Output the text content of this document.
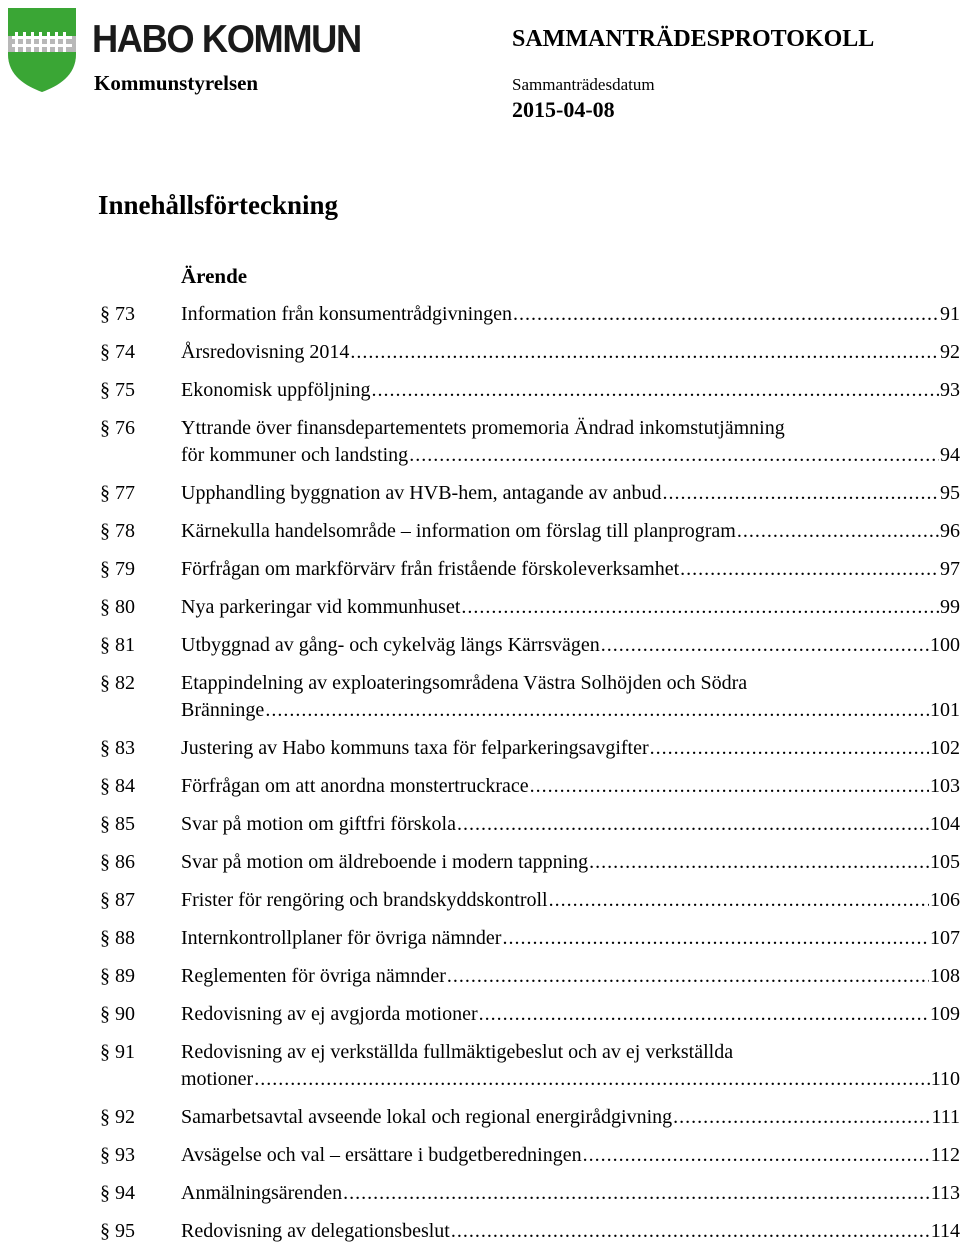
HABO KOMMUN
Kommunstyrelsen
SAMMANTRÄDESPROTOKOLL
Sammanträdesdatum
2015-04-08
Innehållsförteckning
Ärende
§ 73 Information från konsumentrådgivningen . . .	91
§ 74 Årsredovisning 2014 . . .	92
§ 75 Ekonomisk uppföljning . . .	93
§ 76 Yttrande över finansdepartementets promemoria Ändrad inkomstutjämning
för kommuner och landsting . . .	94
§ 77 Upphandling byggnation av HVB-hem, antagande av anbud . . .	95
§ 78 Kärnekulla handelsområde – information om förslag till planprogram . . .	96
§ 79 Förfrågan om markförvärv från fristående förskoleverksamhet . . .	97
§ 80 Nya parkeringar vid kommunhuset . . .	99
§ 81 Utbyggnad av gång- och cykelväg längs Kärrsvägen . . .	100
§ 82 Etappindelning av exploateringsområdena Västra Solhöjden och Södra
Bränninge . . .	101
§ 83 Justering av Habo kommuns taxa för felparkeringsavgifter . . .	102
§ 84 Förfrågan om att anordna monstertruckrace . . .	103
§ 85 Svar på motion om giftfri förskola . . .	104
§ 86 Svar på motion om äldreboende i modern tappning . . .	105
§ 87 Frister för rengöring och brandskyddskontroll . . .	106
§ 88 Internkontrollplaner för övriga nämnder . . .	107
§ 89 Reglementen för övriga nämnder . . .	108
§ 90 Redovisning av ej avgjorda motioner . . .	109
§ 91 Redovisning av ej verkställda fullmäktigebeslut och av ej verkställda
motioner . . .	110
§ 92 Samarbetsavtal avseende lokal och regional energirådgivning . . .	111
§ 93 Avsägelse och val – ersättare i budgetberedningen . . .	112
§ 94 Anmälningsärenden . . .	113
§ 95 Redovisning av delegationsbeslut . . .	114
